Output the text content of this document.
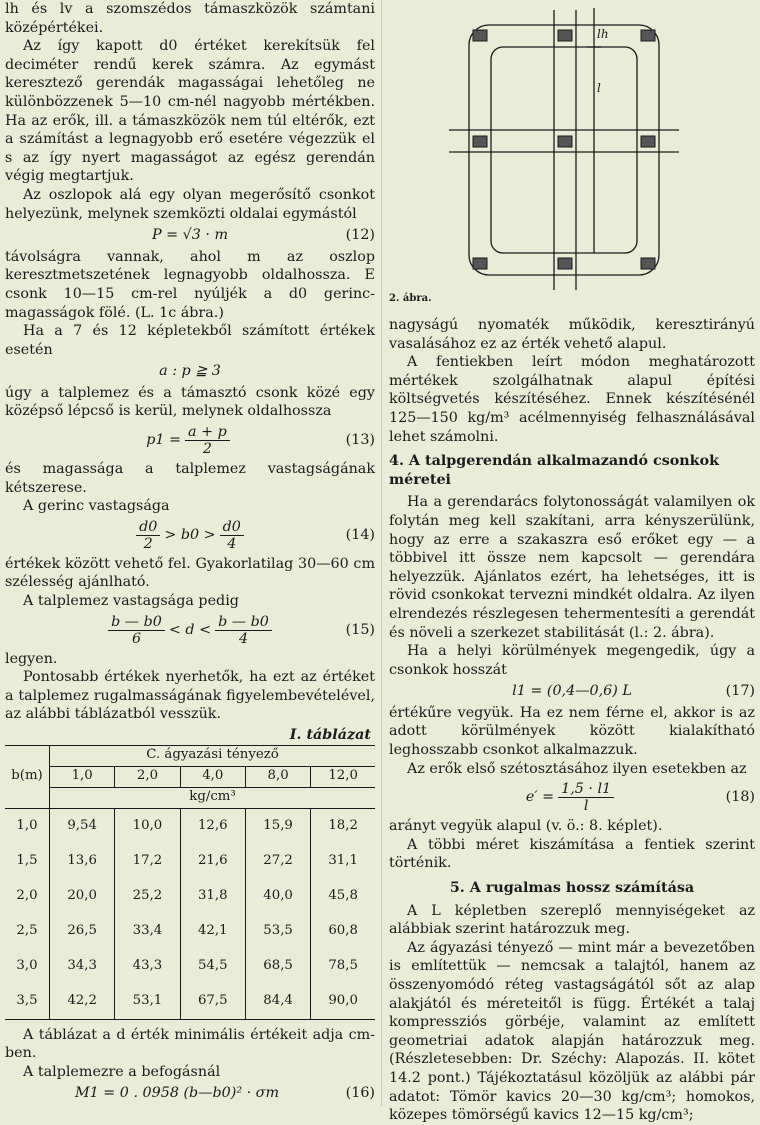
lh és lv a szomszédos támaszközök számtani középértékei.

Az így kapott d0 értéket kerekítsük fel deciméter rendű kerek számra. Az egymást keresztező gerendák magasságai lehetőleg ne különbözzenek 5—10 cm-nél nagyobb mértékben. Ha az erők, ill. a támaszközök nem túl eltérők, ezt a számítást a legnagyobb erő esetére végezzük el s az így nyert magasságot az egész gerendán végig megtartjuk.

Az oszlopok alá egy olyan megerősítő csonkot helyezünk, melynek szemközti oldalai egymástól

P = √3 · m	(12)

távolságra vannak, ahol m az oszlop keresztmetszetének legnagyobb oldalhossza. E csonk 10—15 cm-rel nyúljék a d0 gerinc-magasságok fölé. (L. 1c ábra.)

Ha a 7 és 12 képletekből számított értékek esetén

a : p ≧ 3

úgy a talplemez és a támasztó csonk közé egy középső lépcső is kerül, melynek oldalhossza

$p1 = \frac{a + p}{2}$	(13)

és magassága a talplemez vastagságának kétszerese.

A gerinc vastagsága

$\frac{d0}{2} > b0 > \frac{d0}{4}$	(14)

értékek között vehető fel. Gyakorlatilag 30—60 cm szélesség ajánlható.

A talplemez vastagsága pedig

$\frac{b — b0}{6} < d < \frac{b — b0}{4}$	(15)

legyen.

Pontosabb értékek nyerhetők, ha ezt az értéket a talplemez rugalmasságának figyelembevételével, az alábbi táblázatból vesszük.

I. táblázat
b(m)	C. ágyazási tényező				
	1,0	2,0	4,0	8,0	12,0
	kg/cm³				
1,0	9,54	10,0	12,6	15,9	18,2
1,5	13,6	17,2	21,6	27,2	31,1
2,0	20,0	25,2	31,8	40,0	45,8
2,5	26,5	33,4	42,1	53,5	60,8
3,0	34,3	43,3	54,5	68,5	78,5
3,5	42,2	53,1	67,5	84,4	90,0

A táblázat a d érték minimális értékeit adja cm-ben.

A talplemezre a befogásnál

M1 = 0 . 0958 (b—b0)² · σm	(16)
lh
l
2. ábra.

nagyságú nyomaték működik, keresztirányú vasalásához ez az érték vehető alapul.

A fentiekben leírt módon meghatározott mértékek szolgálhatnak alapul építési költségvetés készítéséhez. Ennek készítésénél 125—150 kg/m³ acélmennyiség felhasználásával lehet számolni.

4. A talpgerendán alkalmazandó csonkok méretei

Ha a gerendarács folytonosságát valamilyen ok folytán meg kell szakítani, arra kényszerülünk, hogy az erre a szakaszra eső erőket egy — a többivel itt össze nem kapcsolt — gerendára helyezzük. Ajánlatos ezért, ha lehetséges, itt is rövid csonkokat tervezni mindkét oldalra. Az ilyen elrendezés részlegesen tehermentesíti a gerendát és növeli a szerkezet stabilitását (l.: 2. ábra).

Ha a helyi körülmények megengedik, úgy a csonkok hosszát

l1 = (0,4—0,6) L	(17)

értékűre vegyük. Ha ez nem férne el, akkor is az adott körülmények között kialakítható leghosszabb csonkot alkalmazzuk.

Az erők első szétosztásához ilyen esetekben az

$e' = \frac{1,5 \cdot l1}{l}$	(18)

arányt vegyük alapul (v. ö.: 8. képlet).

A többi méret kiszámítása a fentiek szerint történik.

5. A rugalmas hossz számítása

A L képletben szereplő mennyiségeket az alábbiak szerint határozzuk meg.

Az ágyazási tényező — mint már a bevezetőben is említettük — nemcsak a talajtól, hanem az összenyomódó réteg vastagságától sőt az alap alakjától és méreteitől is függ. Értékét a talaj kompressziós görbéje, valamint az említett geometriai adatok alapján határozzuk meg. (Részletesebben: Dr. Széchy: Alapozás. II. kötet 14.2 pont.) Tájékoztatásul közöljük az alábbi pár adatot: Tömör kavics 20—30 kg/cm³; homokos, közepes tömörségű kavics 12—15 kg/cm³;
